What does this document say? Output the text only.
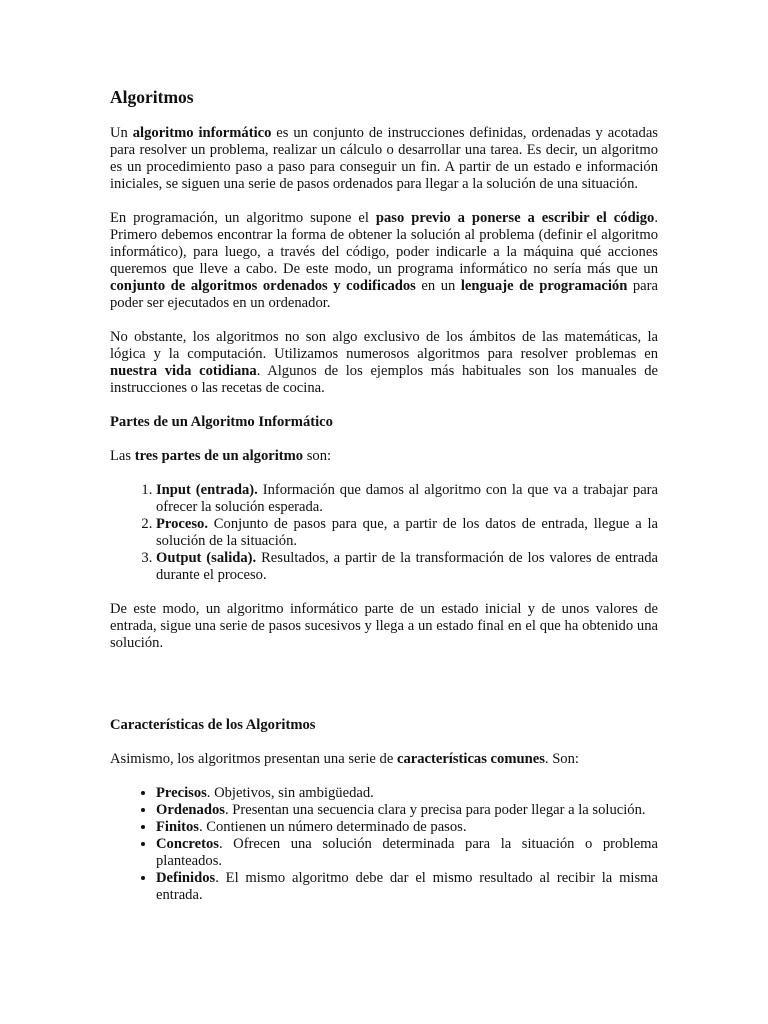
Algoritmos

Un algoritmo informático es un conjunto de instrucciones definidas, ordenadas y acotadas para resolver un problema, realizar un cálculo o desarrollar una tarea. Es decir, un algoritmo es un procedimiento paso a paso para conseguir un fin. A partir de un estado e información iniciales, se siguen una serie de pasos ordenados para llegar a la solución de una situación.

En programación, un algoritmo supone el paso previo a ponerse a escribir el código. Primero debemos encontrar la forma de obtener la solución al problema (definir el algoritmo informático), para luego, a través del código, poder indicarle a la máquina qué acciones queremos que lleve a cabo. De este modo, un programa informático no sería más que un conjunto de algoritmos ordenados y codificados en un lenguaje de programación para poder ser ejecutados en un ordenador.

No obstante, los algoritmos no son algo exclusivo de los ámbitos de las matemáticas, la lógica y la computación. Utilizamos numerosos algoritmos para resolver problemas en nuestra vida cotidiana. Algunos de los ejemplos más habituales son los manuales de instrucciones o las recetas de cocina.

Partes de un Algoritmo Informático

Las tres partes de un algoritmo son:

1. Input (entrada). Información que damos al algoritmo con la que va a trabajar para ofrecer la solución esperada.
2. Proceso. Conjunto de pasos para que, a partir de los datos de entrada, llegue a la solución de la situación.
3. Output (salida). Resultados, a partir de la transformación de los valores de entrada durante el proceso.

De este modo, un algoritmo informático parte de un estado inicial y de unos valores de entrada, sigue una serie de pasos sucesivos y llega a un estado final en el que ha obtenido una solución.

Características de los Algoritmos

Asimismo, los algoritmos presentan una serie de características comunes. Son:

• Precisos. Objetivos, sin ambigüedad.
• Ordenados. Presentan una secuencia clara y precisa para poder llegar a la solución.
• Finitos. Contienen un número determinado de pasos.
• Concretos. Ofrecen una solución determinada para la situación o problema planteados.
• Definidos. El mismo algoritmo debe dar el mismo resultado al recibir la misma entrada.
